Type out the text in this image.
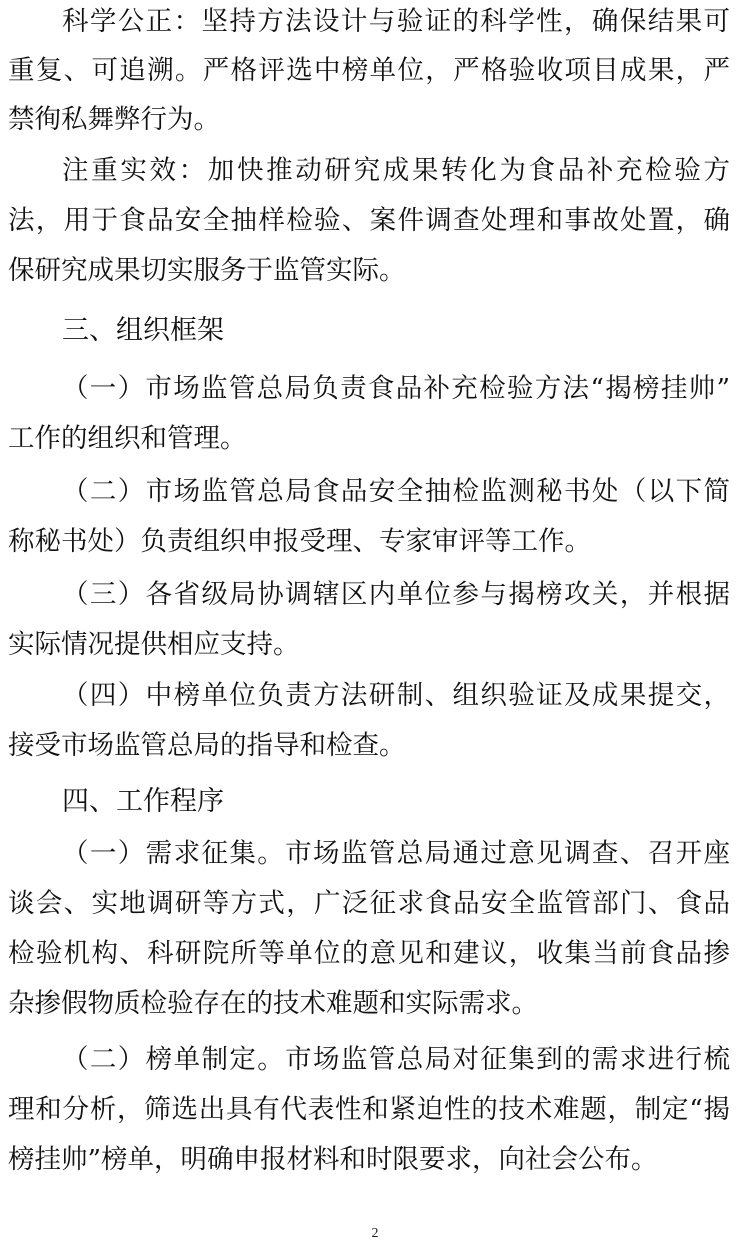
科学公正：坚持方法设计与验证的科学性，确保结果可
重复、可追溯。严格评选中榜单位，严格验收项目成果，严
禁徇私舞弊行为。
注重实效：加快推动研究成果转化为食品补充检验方
法，用于食品安全抽样检验、案件调查处理和事故处置，确
保研究成果切实服务于监管实际。
三、组织框架
（一）市场监管总局负责食品补充检验方法“揭榜挂帅”
工作的组织和管理。
（二）市场监管总局食品安全抽检监测秘书处（以下简
称秘书处）负责组织申报受理、专家审评等工作。
（三）各省级局协调辖区内单位参与揭榜攻关，并根据
实际情况提供相应支持。
（四）中榜单位负责方法研制、组织验证及成果提交，
接受市场监管总局的指导和检查。
四、工作程序
（一）需求征集。市场监管总局通过意见调查、召开座
谈会、实地调研等方式，广泛征求食品安全监管部门、食品
检验机构、科研院所等单位的意见和建议，收集当前食品掺
杂掺假物质检验存在的技术难题和实际需求。
（二）榜单制定。市场监管总局对征集到的需求进行梳
理和分析，筛选出具有代表性和紧迫性的技术难题，制定“揭
榜挂帅”榜单，明确申报材料和时限要求，向社会公布。
2
